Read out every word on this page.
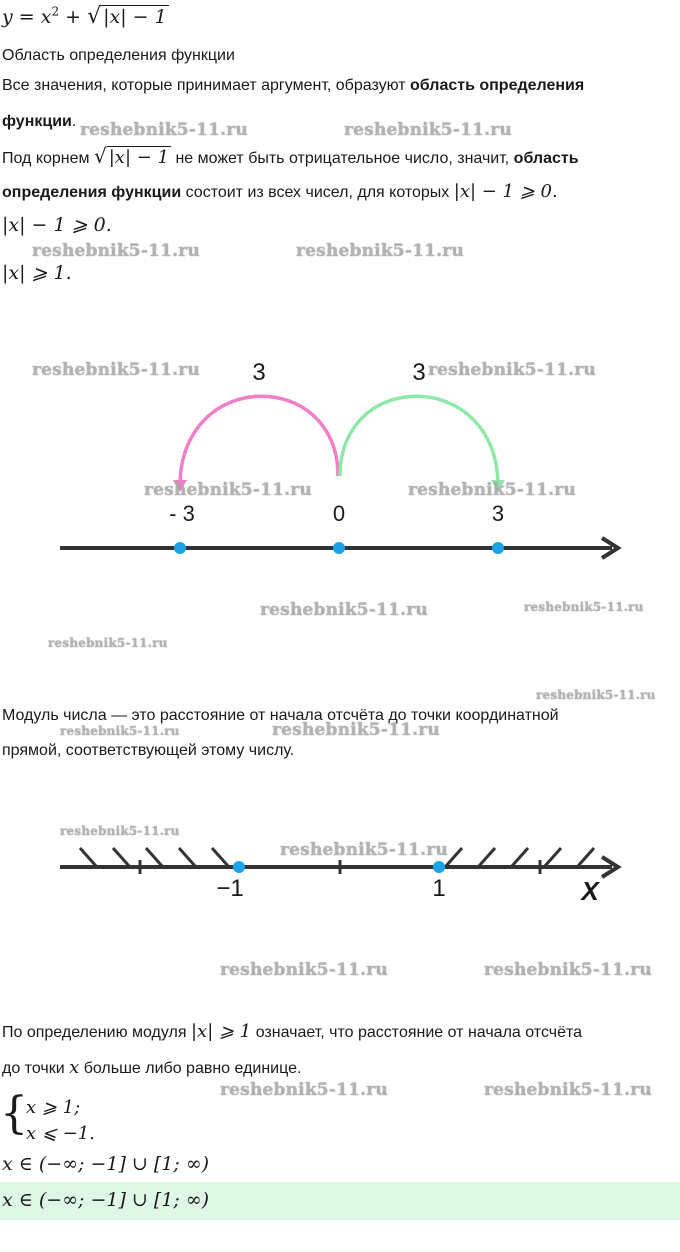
$y = x^2$ + √ |x| − 1
Область определения функции
Все значения, которые принимает аргумент, образуют область определения
функции.
Под корнем √ |x| − 1 не может быть отрицательное число, значит, область
определения функции состоит из всех чисел, для которых |x| − 1 ⩾ 0.
|x| − 1 ⩾ 0.
|x| ⩾ 1.
3	3
- 3	0	3
Модуль числа — это расстояние от начала отсчёта до точки координатной
прямой, соответствующей этому числу.
−1	1	X
По определению модуля |x| ⩾ 1 означает, что расстояние от начала отсчёта
до точки x больше либо равно единице.
{
x ⩾ 1;
x ⩽ −1.
x ∈ (−∞; −1] ∪ [1; ∞)
x ∈ (−∞; −1] ∪ [1; ∞)
reshebnik5-11.ru	reshebnik5-11.ru
reshebnik5-11.ru	reshebnik5-11.ru
reshebnik5-11.ru	reshebnik5-11.ru
reshebnik5-11.ru	reshebnik5-11.ru
reshebnik5-11.ru	reshebnik5-11.ru
reshebnik5-11.ru
reshebnik5-11.ru
reshebnik5-11.ru	reshebnik5-11.ru
reshebnik5-11.ru
reshebnik5-11.ru
reshebnik5-11.ru	reshebnik5-11.ru
reshebnik5-11.ru	reshebnik5-11.ru
